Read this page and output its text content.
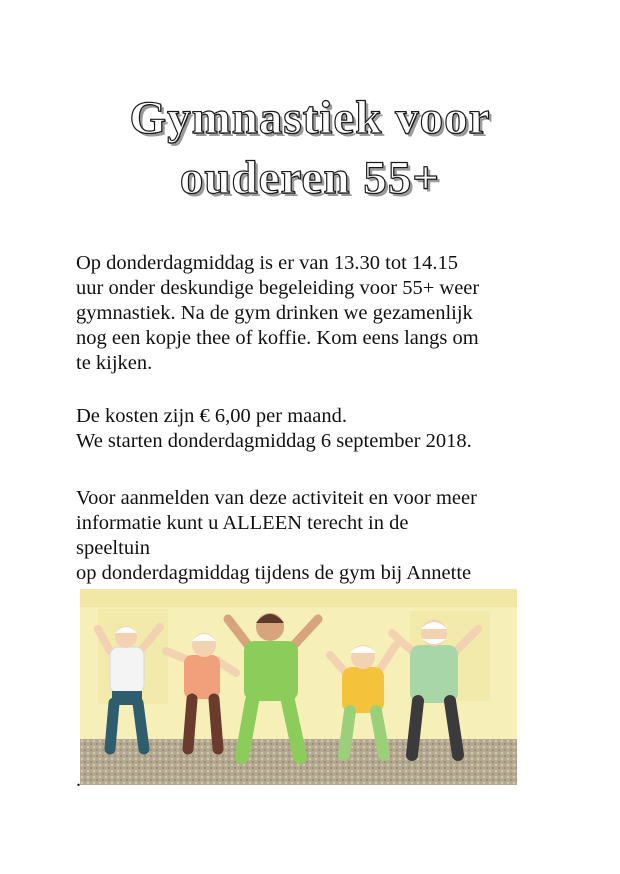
Gymnastiek voor
ouderen 55+
Op donderdagmiddag is er van 13.30 tot 14.15
uur onder deskundige begeleiding voor 55+ weer
gymnastiek. Na de gym drinken we gezamenlijk
nog een kopje thee of koffie. Kom eens langs om
te kijken.
De kosten zijn € 6,00 per maand.
We starten donderdagmiddag 6 september 2018.
Voor aanmelden van deze activiteit en voor meer
informatie kunt u ALLEEN terecht in de
speeltuin
op donderdagmiddag tijdens de gym bij Annette
.
